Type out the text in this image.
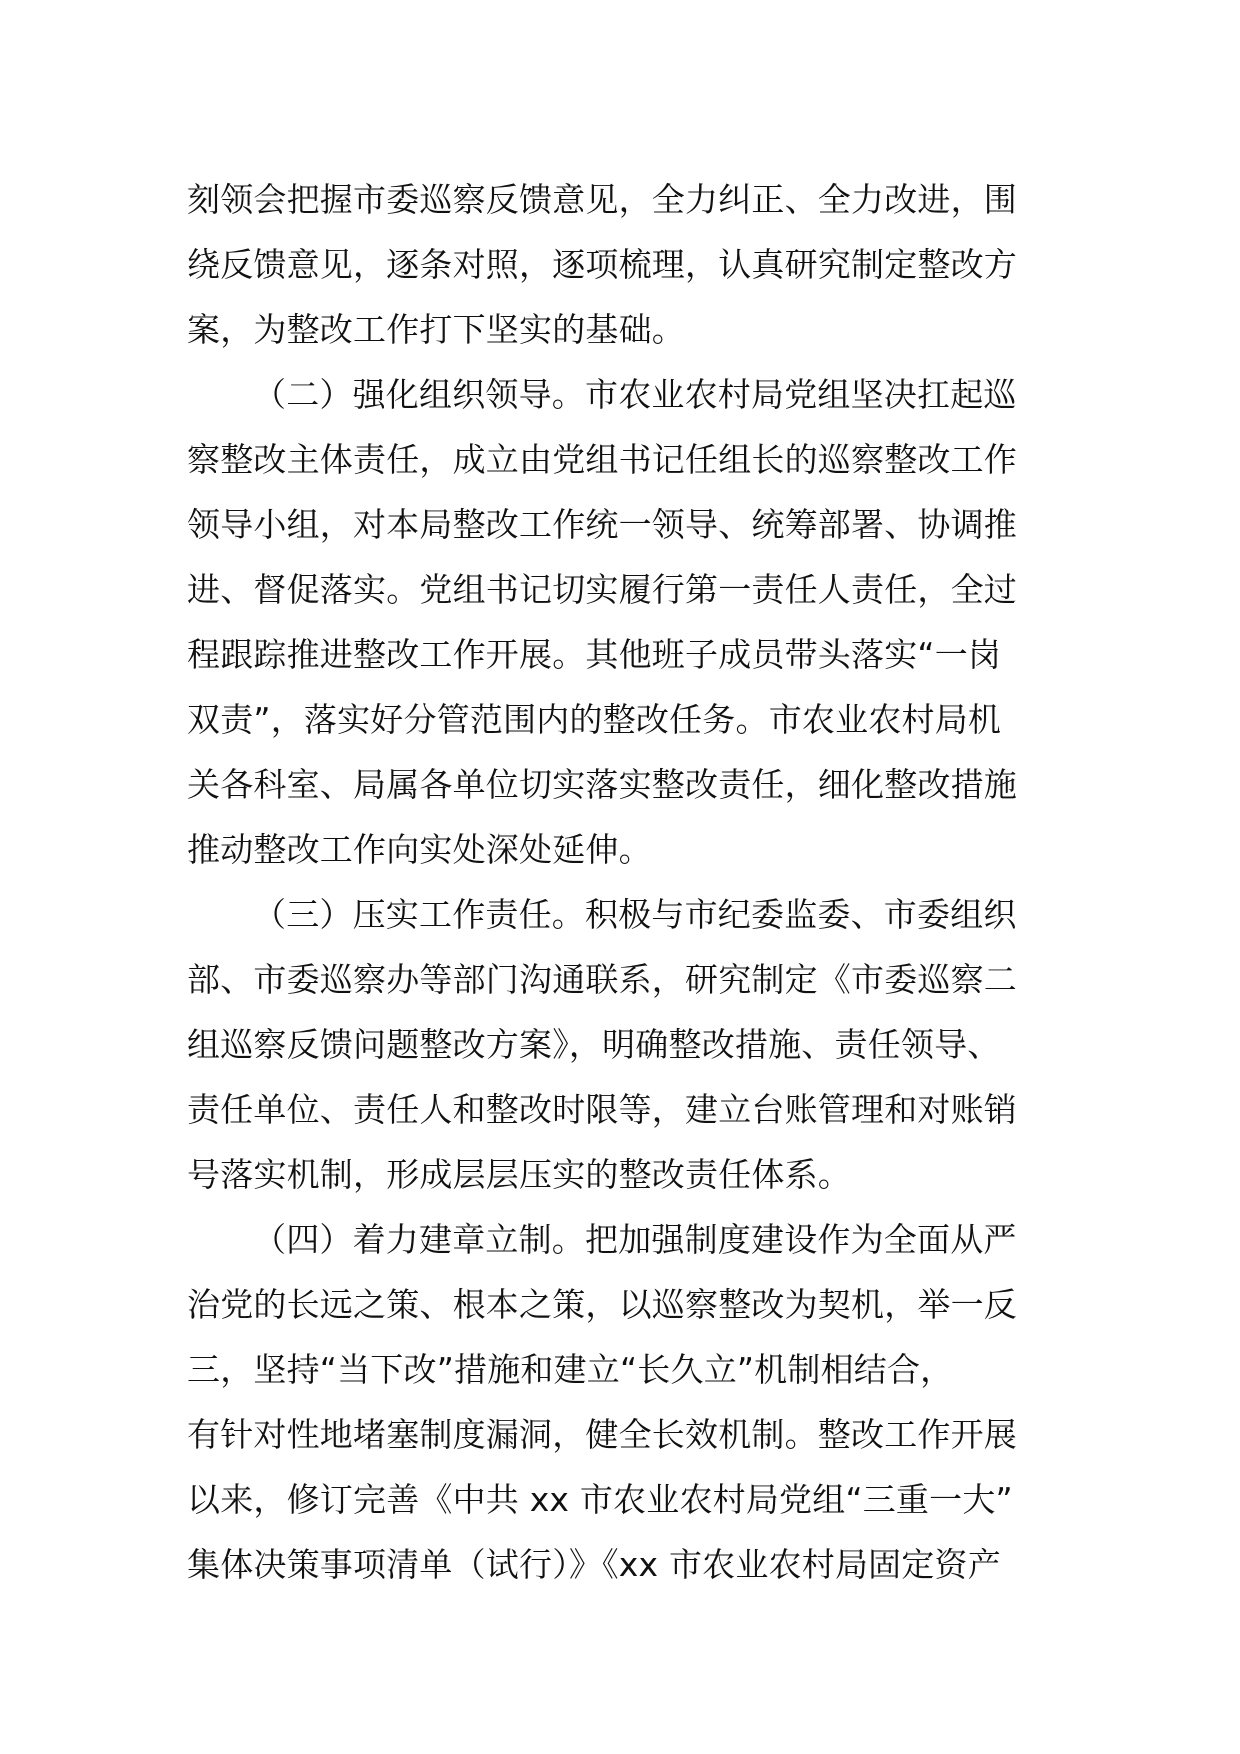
刻领会把握市委巡察反馈意见，全力纠正、全力改进，围
绕反馈意见，逐条对照，逐项梳理，认真研究制定整改方
案，为整改工作打下坚实的基础。
（二）强化组织领导。市农业农村局党组坚决扛起巡
察整改主体责任，成立由党组书记任组长的巡察整改工作
领导小组，对本局整改工作统一领导、统筹部署、协调推
进、督促落实。党组书记切实履行第一责任人责任，全过
程跟踪推进整改工作开展。其他班子成员带头落实“一岗
双责”，落实好分管范围内的整改任务。市农业农村局机
关各科室、局属各单位切实落实整改责任，细化整改措施
推动整改工作向实处深处延伸。
（三）压实工作责任。积极与市纪委监委、市委组织
部、市委巡察办等部门沟通联系，研究制定《市委巡察二
组巡察反馈问题整改方案》，明确整改措施、责任领导、
责任单位、责任人和整改时限等，建立台账管理和对账销
号落实机制，形成层层压实的整改责任体系。
（四）着力建章立制。把加强制度建设作为全面从严
治党的长远之策、根本之策，以巡察整改为契机，举一反
三，坚持“当下改”措施和建立“长久立”机制相结合，
有针对性地堵塞制度漏洞，健全长效机制。整改工作开展
以来，修订完善《中共 xx 市农业农村局党组“三重一大”
集体决策事项清单（试行）》《xx 市农业农村局固定资产
